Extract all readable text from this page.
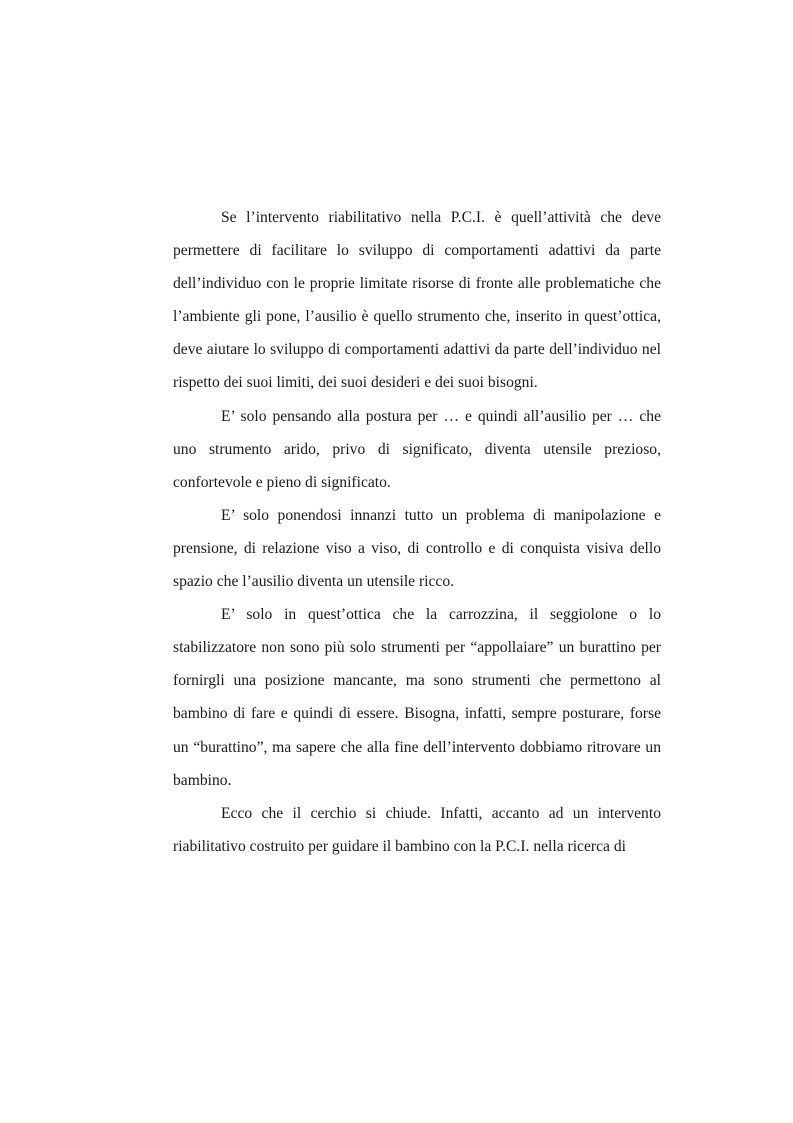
Se l’intervento riabilitativo nella P.C.I. è quell’attività che deve permettere di facilitare lo sviluppo di comportamenti adattivi da parte dell’individuo con le proprie limitate risorse di fronte alle problematiche che l’ambiente gli pone, l’ausilio è quello strumento che, inserito in quest’ottica, deve aiutare lo sviluppo di comportamenti adattivi da parte dell’individuo nel rispetto dei suoi limiti, dei suoi desideri e dei suoi bisogni.

E’ solo pensando alla postura per … e quindi all’ausilio per … che uno strumento arido, privo di significato, diventa utensile prezioso, confortevole e pieno di significato.

E’ solo ponendosi innanzi tutto un problema di manipolazione e prensione, di relazione viso a viso, di controllo e di conquista visiva dello spazio che l’ausilio diventa un utensile ricco.

E’ solo in quest’ottica che la carrozzina, il seggiolone o lo stabilizzatore non sono più solo strumenti per “appollaiare” un burattino per fornirgli una posizione mancante, ma sono strumenti che permettono al bambino di fare e quindi di essere. Bisogna, infatti, sempre posturare, forse un “burattino”, ma sapere che alla fine dell’intervento dobbiamo ritrovare un bambino.

Ecco che il cerchio si chiude. Infatti, accanto ad un intervento riabilitativo costruito per guidare il bambino con la P.C.I. nella ricerca di
